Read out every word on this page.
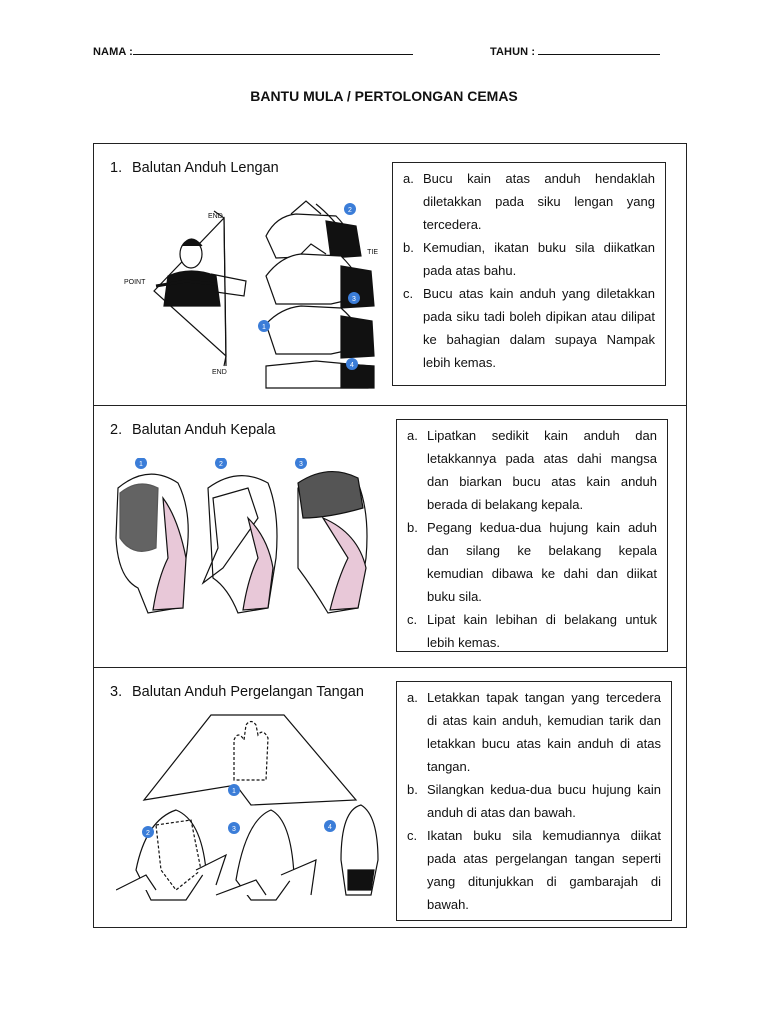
NAMA :	TAHUN :
BANTU MULA / PERTOLONGAN CEMAS
1. Balutan Anduh Lengan
2
3
4
1
END
TIE
POINT
END
a. Bucu kain atas anduh hendaklah diletakkan pada siku lengan yang tercedera.
b. Kemudian, ikatan buku sila diikatkan pada atas bahu.
c. Bucu atas kain anduh yang diletakkan pada siku tadi boleh dipikan atau dilipat ke bahagian dalam supaya Nampak lebih kemas.
2. Balutan Anduh Kepala
1	2	3
a. Lipatkan sedikit kain anduh dan letakkannya pada atas dahi mangsa dan biarkan bucu atas kain anduh berada di belakang kepala.
b. Pegang kedua-dua hujung kain aduh dan silang ke belakang kepala kemudian dibawa ke dahi dan diikat buku sila.
c. Lipat kain lebihan di belakang untuk lebih kemas.
3. Balutan Anduh Pergelangan Tangan
1
2
3	4
a. Letakkan tapak tangan yang tercedera di atas kain anduh, kemudian tarik dan letakkan bucu atas kain anduh di atas tangan.
b. Silangkan kedua-dua bucu hujung kain anduh di atas dan bawah.
c. Ikatan buku sila kemudiannya diikat pada atas pergelangan tangan seperti yang ditunjukkan di gambarajah di bawah.
